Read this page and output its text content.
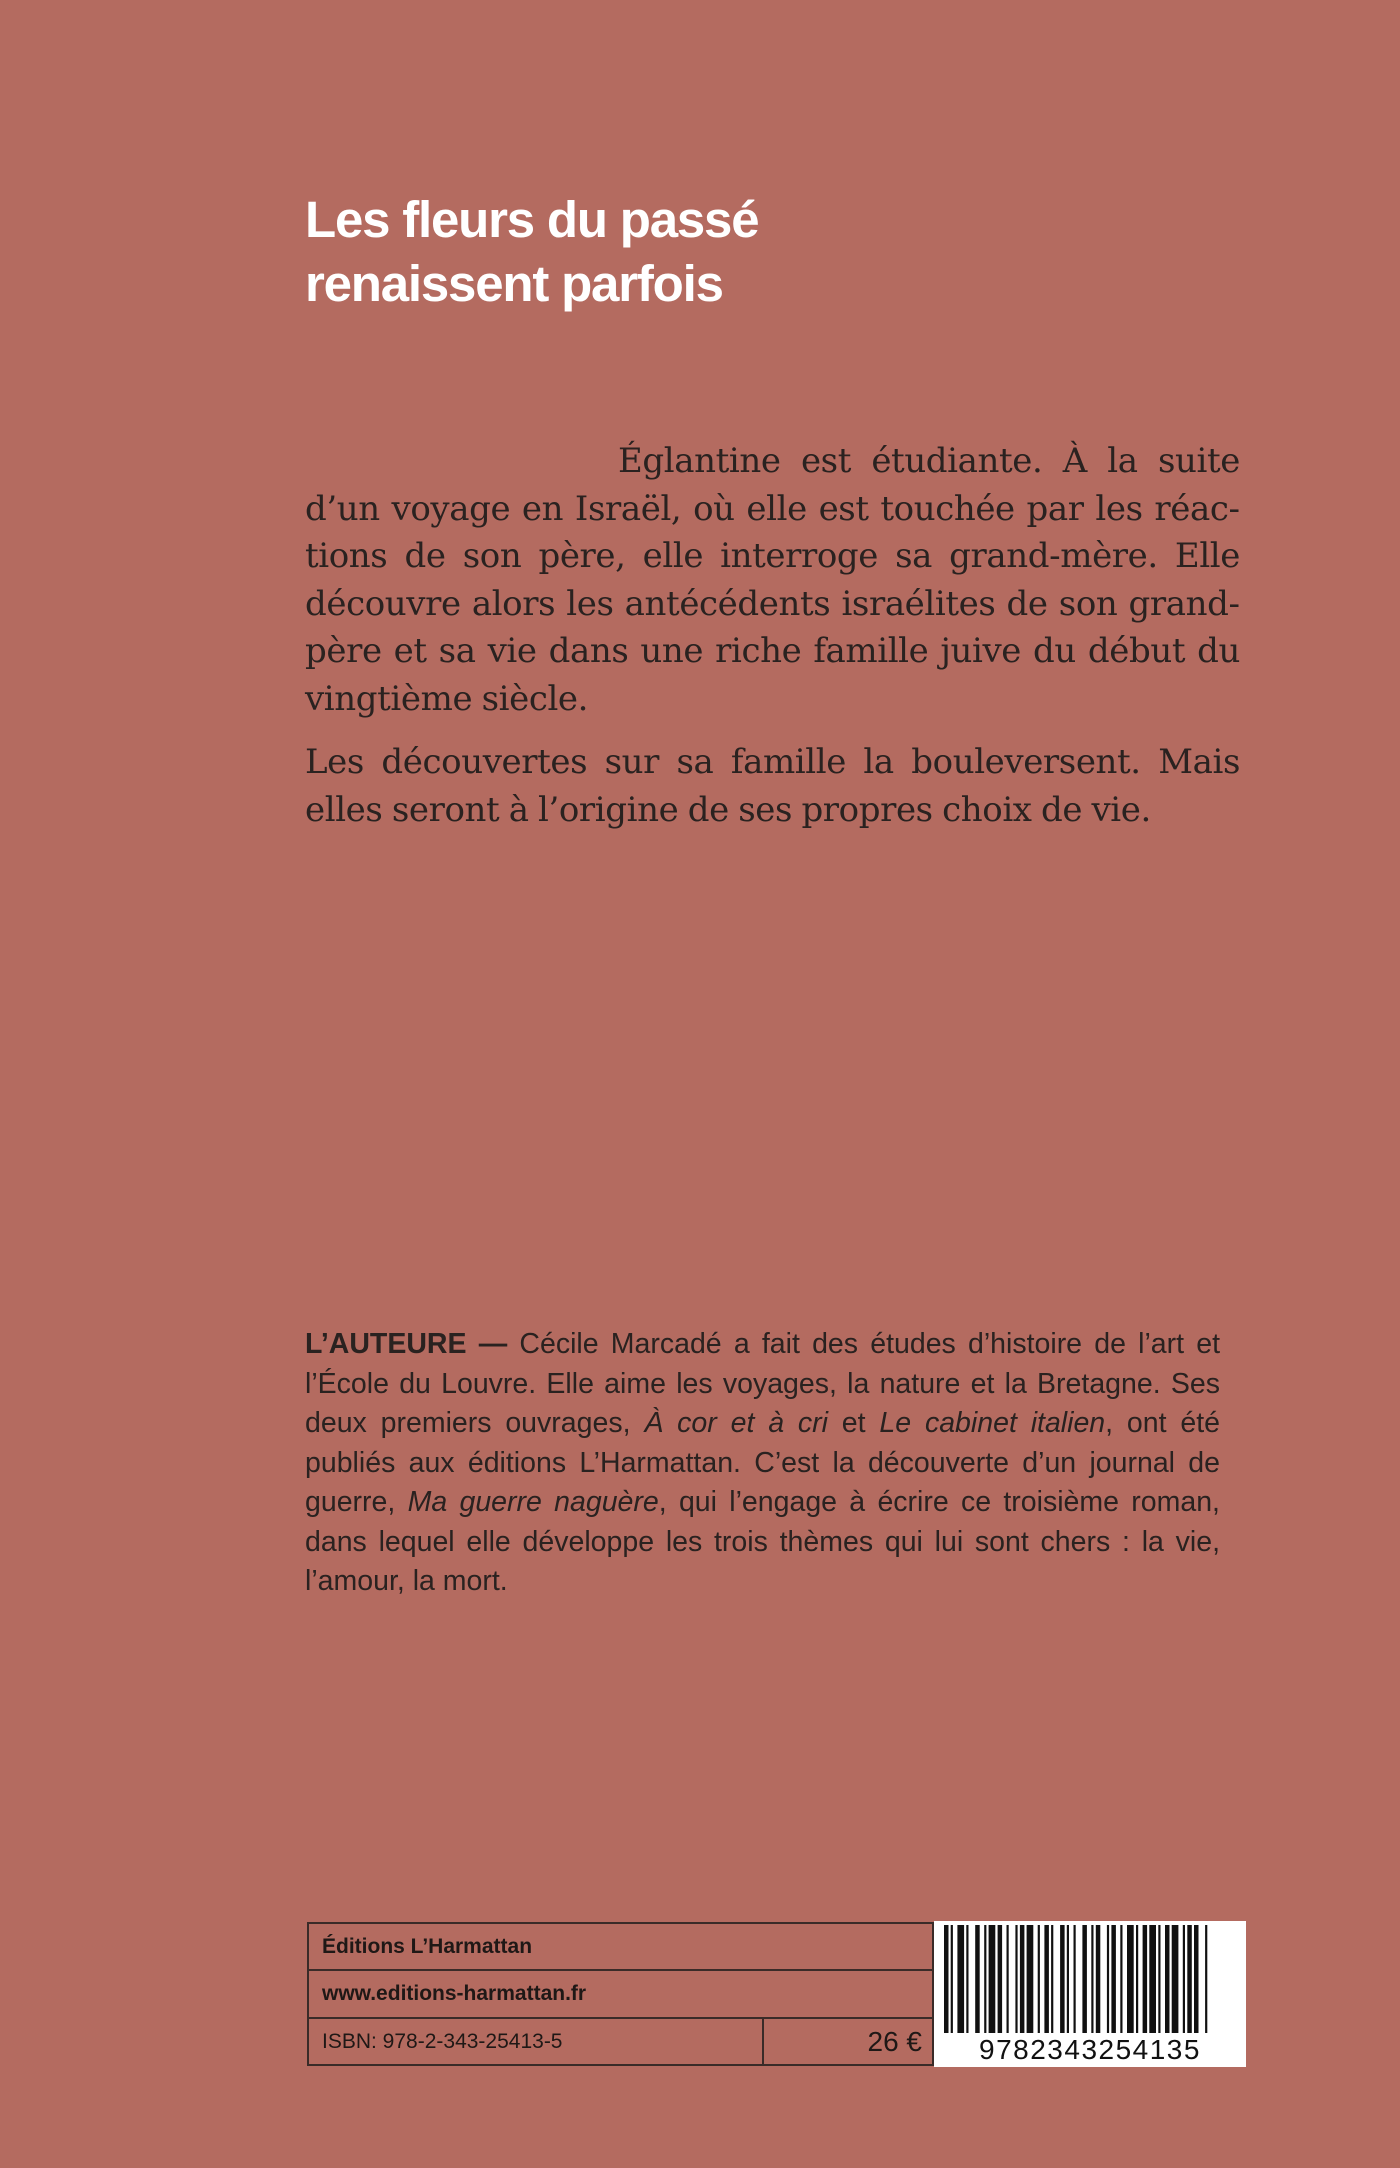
Les fleurs du passé
renaissent parfois

Églantine est étudiante. À la suite d’un voyage en Israël, où elle est touchée par les réactions de son père, elle interroge sa grand-mère. Elle découvre alors les antécédents israélites de son grandpère et sa vie dans une riche famille juive du début du vingtième siècle.

Les découvertes sur sa famille la bouleversent. Mais elles seront à l’origine de ses propres choix de vie.

L’AUTEURE — Cécile Marcadé a fait des études d’histoire de l’art et l’École du Louvre. Elle aime les voyages, la nature et la Bretagne. Ses deux premiers ouvrages, À cor et à cri et Le cabinet italien, ont été publiés aux éditions L’Harmattan. C’est la découverte d’un journal de guerre, Ma guerre naguère, qui l’engage à écrire ce troisième roman, dans lequel elle développe les trois thèmes qui lui sont chers : la vie, l’amour, la mort.

Éditions L’Harmattan
www.editions-harmattan.fr
ISBN: 978-2-343-25413-5	26 €	9782343254135
